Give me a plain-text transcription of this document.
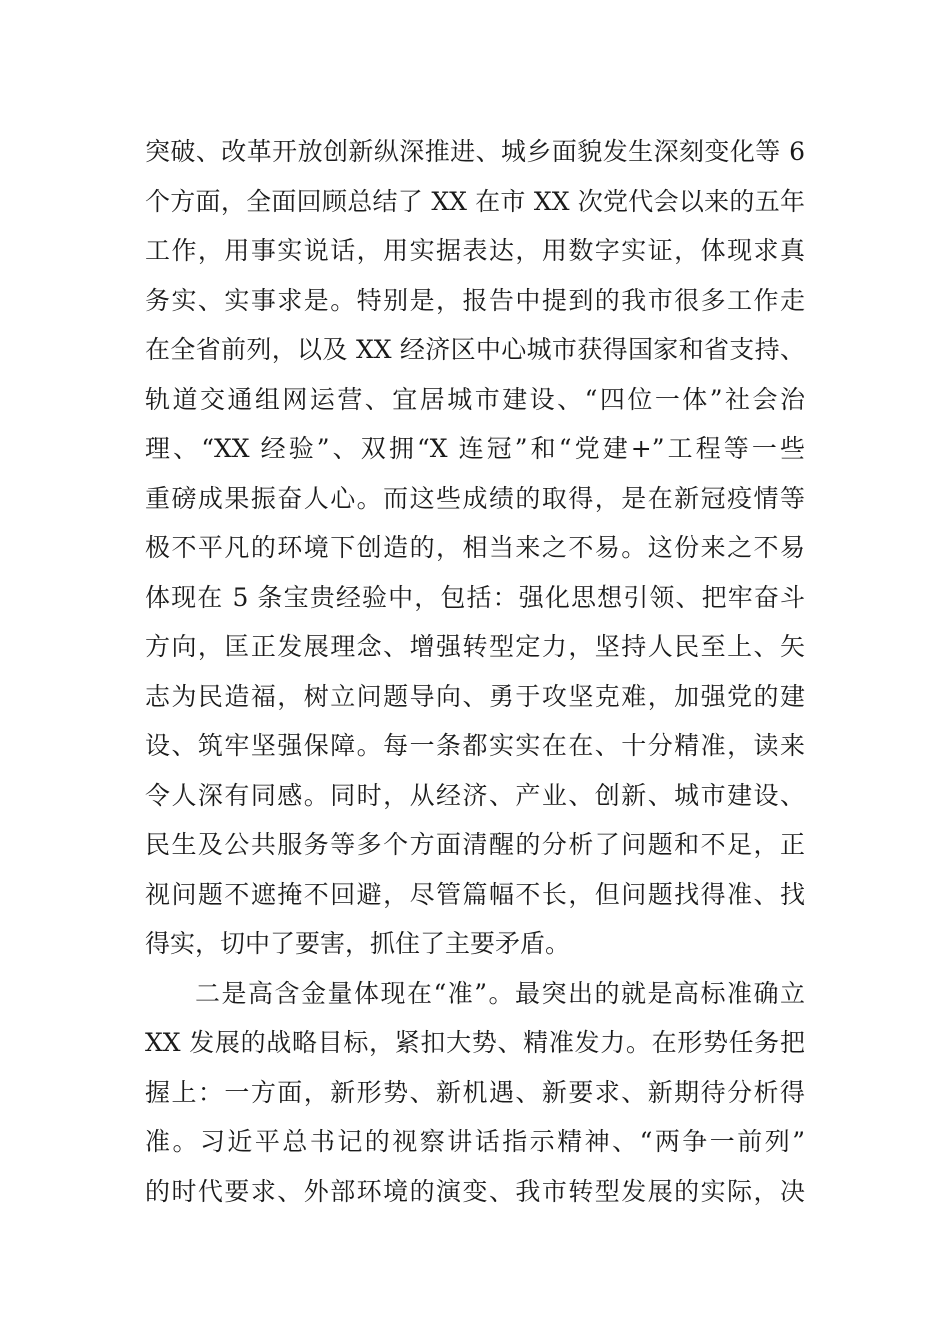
突破、改革开放创新纵深推进、城乡面貌发生深刻变化等 6
个方面，全面回顾总结了 XX 在市 XX 次党代会以来的五年
工作，用事实说话，用实据表达，用数字实证，体现求真
务实、实事求是。特别是，报告中提到的我市很多工作走
在全省前列，以及 XX 经济区中心城市获得国家和省支持、
轨道交通组网运营、宜居城市建设、“四位一体”社会治
理、“XX 经验”、双拥“X 连冠”和“党建+”工程等一些
重磅成果振奋人心。而这些成绩的取得，是在新冠疫情等
极不平凡的环境下创造的，相当来之不易。这份来之不易
体现在 5 条宝贵经验中，包括：强化思想引领、把牢奋斗
方向，匡正发展理念、增强转型定力，坚持人民至上、矢
志为民造福，树立问题导向、勇于攻坚克难，加强党的建
设、筑牢坚强保障。每一条都实实在在、十分精准，读来
令人深有同感。同时，从经济、产业、创新、城市建设、
民生及公共服务等多个方面清醒的分析了问题和不足，正
视问题不遮掩不回避，尽管篇幅不长，但问题找得准、找
得实，切中了要害，抓住了主要矛盾。
二是高含金量体现在“准”。最突出的就是高标准确立
XX 发展的战略目标，紧扣大势、精准发力。在形势任务把
握上：一方面，新形势、新机遇、新要求、新期待分析得
准。习近平总书记的视察讲话指示精神、“两争一前列”
的时代要求、外部环境的演变、我市转型发展的实际，决
